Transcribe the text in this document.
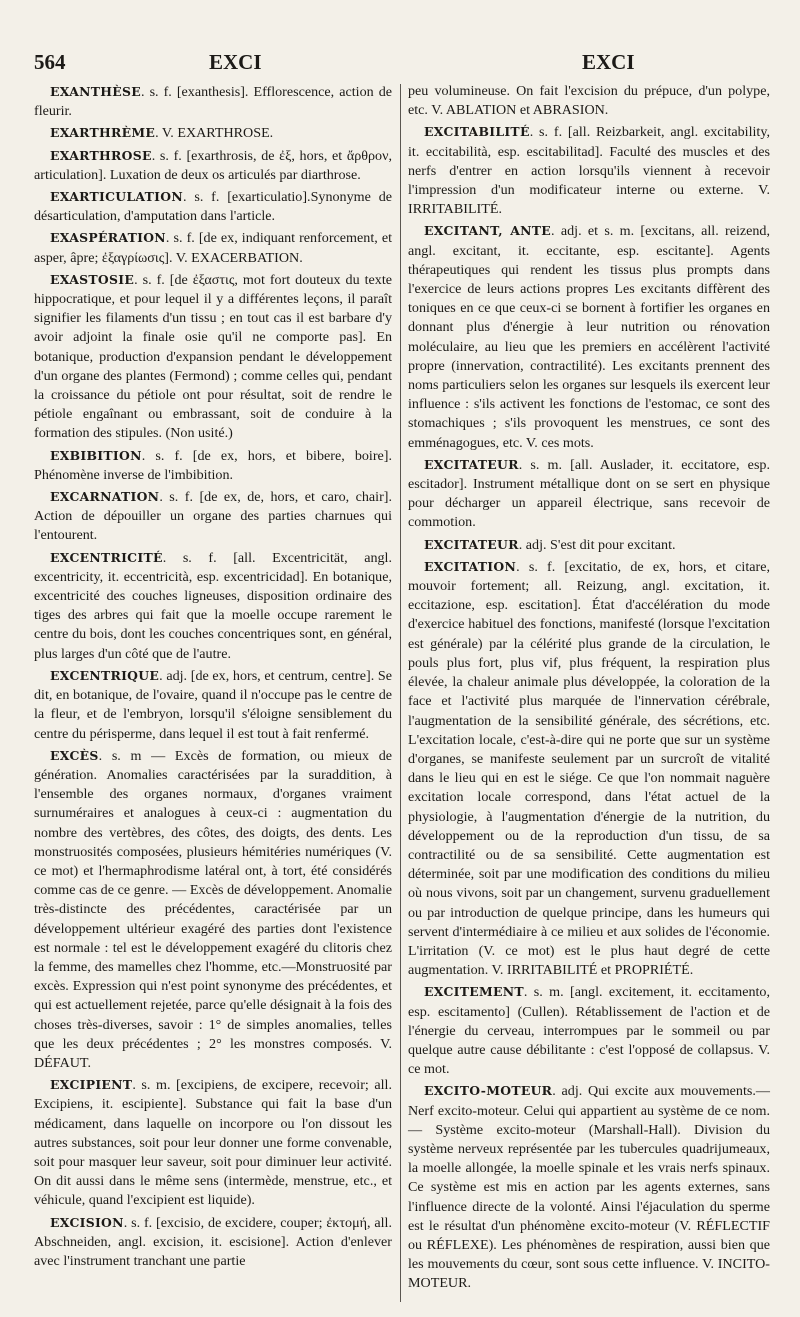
564	EXCI	EXCI

EXANTHÈSE. s. f. [exanthesis]. Efflorescence, action de fleurir.

EXARTHRÈME. V. EXARTHROSE.

EXARTHROSE. s. f. [exarthrosis, de ἐξ, hors, et ἄρθρον, articulation]. Luxation de deux os articulés par diarthrose.

EXARTICULATION. s. f. [exarticulatio].Synonyme de désarticulation, d'amputation dans l'article.

EXASPÉRATION. s. f. [de ex, indiquant renforcement, et asper, âpre; ἐξαγρίωσις]. V. EXACERBATION.

EXASTOSIE. s. f. [de ἐξαστις, mot fort douteux du texte hippocratique, et pour lequel il y a différentes leçons, il paraît signifier les filaments d'un tissu ; en tout cas il est barbare d'y avoir adjoint la finale osie qu'il ne comporte pas]. En botanique, production d'expansion pendant le développement d'un organe des plantes (Fermond) ; comme celles qui, pendant la croissance du pétiole ont pour résultat, soit de rendre le pétiole engaînant ou embrassant, soit de conduire à la formation des stipules. (Non usité.)

EXBIBITION. s. f. [de ex, hors, et bibere, boire]. Phénomène inverse de l'imbibition.

EXCARNATION. s. f. [de ex, de, hors, et caro, chair]. Action de dépouiller un organe des parties charnues qui l'entourent.

EXCENTRICITÉ. s. f. [all. Excentricität, angl. excentricity, it. eccentricità, esp. excentricidad]. En botanique, excentricité des couches ligneuses, disposition ordinaire des tiges des arbres qui fait que la moelle occupe rarement le centre du bois, dont les couches concentriques sont, en général, plus larges d'un côté que de l'autre.

EXCENTRIQUE. adj. [de ex, hors, et centrum, centre]. Se dit, en botanique, de l'ovaire, quand il n'occupe pas le centre de la fleur, et de l'embryon, lorsqu'il s'éloigne sensiblement du centre du périsperme, dans lequel il est tout à fait renfermé.

EXCÈS. s. m — Excès de formation, ou mieux de génération. Anomalies caractérisées par la suraddition, à l'ensemble des organes normaux, d'organes vraiment surnuméraires et analogues à ceux-ci : augmentation du nombre des vertèbres, des côtes, des doigts, des dents. Les monstruosités composées, plusieurs hémitéries numériques (V. ce mot) et l'hermaphrodisme latéral ont, à tort, été considérés comme cas de ce genre. — Excès de développement. Anomalie très-distincte des précédentes, caractérisée par un développement ultérieur exagéré des parties dont l'existence est normale : tel est le développement exagéré du clitoris chez la femme, des mamelles chez l'homme, etc.—Monstruosité par excès. Expression qui n'est point synonyme des précédentes, et qui est actuellement rejetée, parce qu'elle désignait à la fois des choses très-diverses, savoir : 1° de simples anomalies, telles que les deux précédentes ; 2° les monstres composés. V. DÉFAUT.

EXCIPIENT. s. m. [excipiens, de excipere, recevoir; all. Excipiens, it. escipiente]. Substance qui fait la base d'un médicament, dans laquelle on incorpore ou l'on dissout les autres substances, soit pour leur donner une forme convenable, soit pour masquer leur saveur, soit pour diminuer leur activité. On dit aussi dans le même sens (intermède, menstrue, etc., et véhicule, quand l'excipient est liquide).

EXCISION. s. f. [excisio, de excidere, couper; ἐκτομή, all. Abschneiden, angl. excision, it. escisione]. Action d'enlever avec l'instrument tranchant une partie

peu volumineuse. On fait l'excision du prépuce, d'un polype, etc. V. ABLATION et ABRASION.

EXCITABILITÉ. s. f. [all. Reizbarkeit, angl. excitability, it. eccitabilità, esp. escitabilitad]. Faculté des muscles et des nerfs d'entrer en action lorsqu'ils viennent à recevoir l'impression d'un modificateur interne ou externe. V. IRRITABILITÉ.

EXCITANT, ANTE. adj. et s. m. [excitans, all. reizend, angl. excitant, it. eccitante, esp. escitante]. Agents thérapeutiques qui rendent les tissus plus prompts dans l'exercice de leurs actions propres Les excitants diffèrent des toniques en ce que ceux-ci se bornent à fortifier les organes en donnant plus d'énergie à leur nutrition ou rénovation moléculaire, au lieu que les premiers en accélèrent l'activité propre (innervation, contractilité). Les excitants prennent des noms particuliers selon les organes sur lesquels ils exercent leur influence : s'ils activent les fonctions de l'estomac, ce sont des stomachiques ; s'ils provoquent les menstrues, ce sont des emménagogues, etc. V. ces mots.

EXCITATEUR. s. m. [all. Auslader, it. eccitatore, esp. escitador]. Instrument métallique dont on se sert en physique pour décharger un appareil électrique, sans recevoir de commotion.

EXCITATEUR. adj. S'est dit pour excitant.

EXCITATION. s. f. [excitatio, de ex, hors, et citare, mouvoir fortement; all. Reizung, angl. excitation, it. eccitazione, esp. escitation]. État d'accélération du mode d'exercice habituel des fonctions, manifesté (lorsque l'excitation est générale) par la célérité plus grande de la circulation, le pouls plus fort, plus vif, plus fréquent, la respiration plus élevée, la chaleur animale plus développée, la coloration de la face et l'activité plus marquée de l'innervation cérébrale, l'augmentation de la sensibilité générale, des sécrétions, etc. L'excitation locale, c'est-à-dire qui ne porte que sur un système d'organes, se manifeste seulement par un surcroît de vitalité dans le lieu qui en est le siége. Ce que l'on nommait naguère excitation locale correspond, dans l'état actuel de la physiologie, à l'augmentation d'énergie de la nutrition, du développement ou de la reproduction d'un tissu, de sa contractilité ou de sa sensibilité. Cette augmentation est déterminée, soit par une modification des conditions du milieu où nous vivons, soit par un changement, survenu graduellement ou par introduction de quelque principe, dans les humeurs qui servent d'intermédiaire à ce milieu et aux solides de l'économie. L'irritation (V. ce mot) est le plus haut degré de cette augmentation. V. IRRITABILITÉ et PROPRIÉTÉ.

EXCITEMENT. s. m. [angl. excitement, it. eccitamento, esp. escitamento] (Cullen). Rétablissement de l'action et de l'énergie du cerveau, interrompues par le sommeil ou par quelque autre cause débilitante : c'est l'opposé de collapsus. V. ce mot.

EXCITO-MOTEUR. adj. Qui excite aux mouvements.— Nerf excito-moteur. Celui qui appartient au système de ce nom. — Système excito-moteur (Marshall-Hall). Division du système nerveux représentée par les tubercules quadrijumeaux, la moelle allongée, la moelle spinale et les vrais nerfs spinaux. Ce système est mis en action par les agents externes, sans l'influence directe de la volonté. Ainsi l'éjaculation du sperme est le résultat d'un phénomène excito-moteur (V. RÉFLECTIF ou RÉFLEXE). Les phénomènes de respiration, aussi bien que les mouvements du cœur, sont sous cette influence. V. INCITO-MOTEUR.
